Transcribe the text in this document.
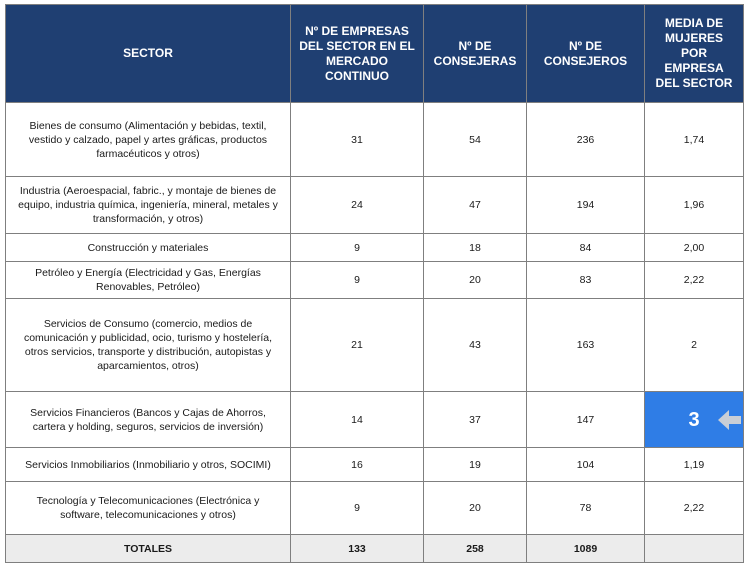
SECTOR	Nº DE EMPRESAS DEL SECTOR EN EL MERCADO CONTINUO	Nº DE CONSEJERAS	Nº DE CONSEJEROS	MEDIA DE MUJERES POR EMPRESA DEL SECTOR

Bienes de consumo (Alimentación y bebidas, textil, vestido y calzado, papel y artes gráficas, productos farmacéuticos y otros)	31	54	236	1,74
Industria (Aeroespacial, fabric., y montaje de bienes de equipo, industria química, ingeniería, mineral, metales y transformación, y otros)	24	47	194	1,96
Construcción y materiales	9	18	84	2,00
Petróleo y Energía (Electricidad y Gas, Energías Renovables, Petróleo)	9	20	83	2,22
Servicios de Consumo (comercio, medios de comunicación y publicidad, ocio, turismo y hostelería, otros servicios, transporte y distribución, autopistas y aparcamientos, otros)	21	43	163	2
Servicios Financieros (Bancos y Cajas de Ahorros, cartera y holding, seguros, servicios de inversión)	14	37	147	3

Servicios Inmobiliarios (Inmobiliario y otros, SOCIMI)	16	19	104	1,19
Tecnología y Telecomunicaciones (Electrónica y software, telecomunicaciones y otros)	9	20	78	2,22
TOTALES	133	258	1089	
